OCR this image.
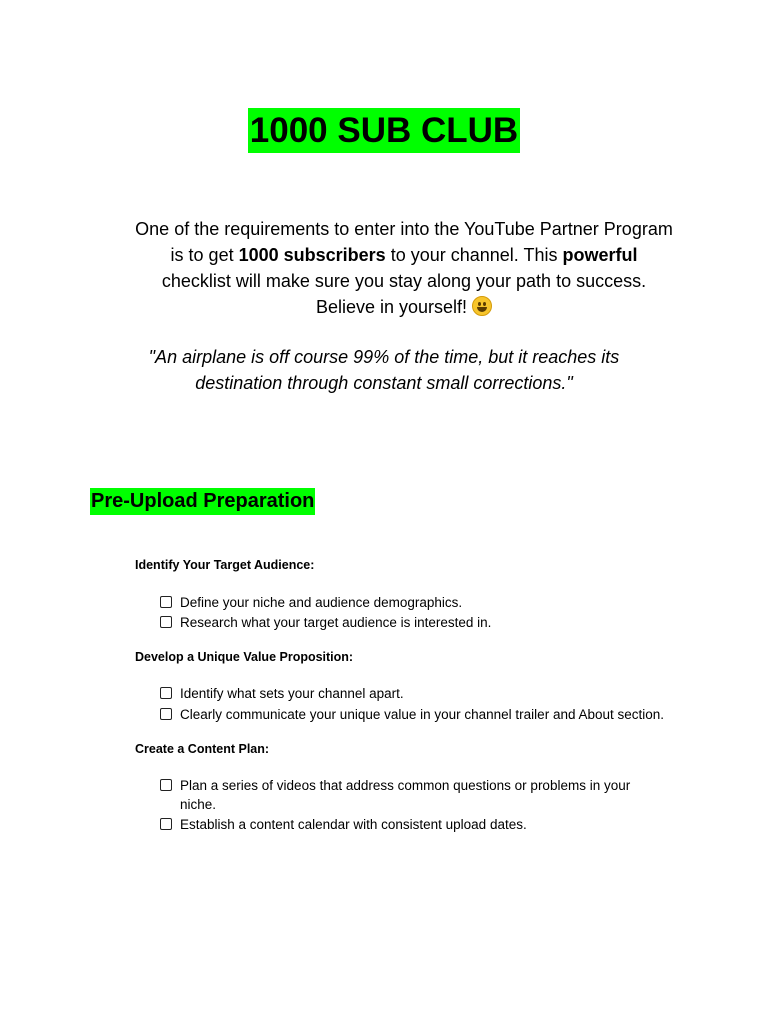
1000 SUB CLUB
One of the requirements to enter into the YouTube Partner Program is to get 1000 subscribers to your channel. This powerful checklist will make sure you stay along your path to success. Believe in yourself!
"An airplane is off course 99% of the time, but it reaches its destination through constant small corrections."
Pre-Upload Preparation
Identify Your Target Audience:
Define your niche and audience demographics.
Research what your target audience is interested in.
Develop a Unique Value Proposition:
Identify what sets your channel apart.
Clearly communicate your unique value in your channel trailer and About section.
Create a Content Plan:
Plan a series of videos that address common questions or problems in your niche.
Establish a content calendar with consistent upload dates.
